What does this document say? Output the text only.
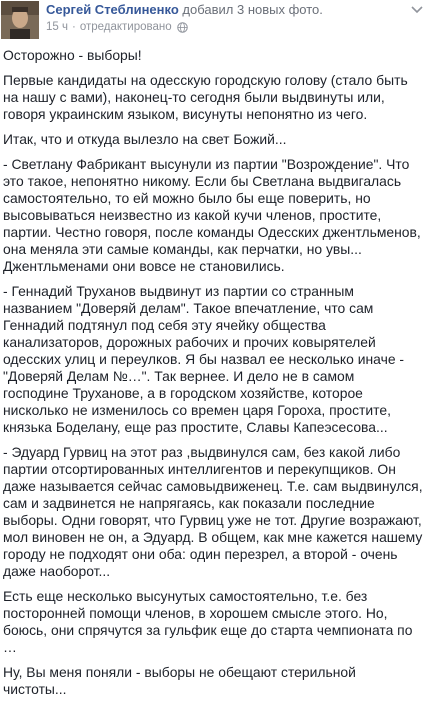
Сергей Стеблиненко добавил 3 новых фото.
15 ч · отредактировано

Осторожно - выборы!

Первые кандидаты на одесскую городскую голову (стало быть на нашу с вами), наконец-то сегодня были выдвинуты или, говоря украинским языком, висунуты непонятно из чего.

Итак, что и откуда вылезло на свет Божий...

- Светлану Фабрикант высунули из партии "Возрождение". Что это такое, непонятно никому. Если бы Светлана выдвигалась самостоятельно, то ей можно было бы еще поверить, но высовываться неизвестно из какой кучи членов, простите, партии. Честно говоря, после команды Одесских джентльменов, она меняла эти самые команды, как перчатки, но увы... Джентльменами они вовсе не становились.

- Геннадий Труханов выдвинут из партии со странным названием "Доверяй делам". Такое впечатление, что сам Геннадий подтянул под себя эту ячейку общества канализаторов, дорожных рабочих и прочих ковырятелей одесских улиц и переулков. Я бы назвал ее несколько иначе - "Доверяй Делам №…". Так вернее. И дело не в самом господине Труханове, а в городском хозяйстве, которое нисколько не изменилось со времен царя Гороха, простите, князька Боделану, еще раз простите, Славы Капеэсесова...

- Эдуард Гурвиц на этот раз ,выдвинулся сам, без какой либо партии отсортированных интеллигентов и перекупщиков. Он даже называется сейчас самовыдвиженец. Т.е. сам выдвинулся, сам и задвинется не напрягаясь, как показали последние выборы. Одни говорят, что Гурвиц уже не тот. Другие возражают, мол виновен не он, а Эдуард. В общем, как мне кажется нашему городу не подходят они оба: один перезрел, а второй - очень даже наоборот...

Есть еще несколько высунутых самостоятельно, т.е. без посторонней помощи членов, в хорошем смысле этого. Но, боюсь, они спрячутся за гульфик еще до старта чемпионата по …

Ну, Вы меня поняли - выборы не обещают стерильной чистоты...
